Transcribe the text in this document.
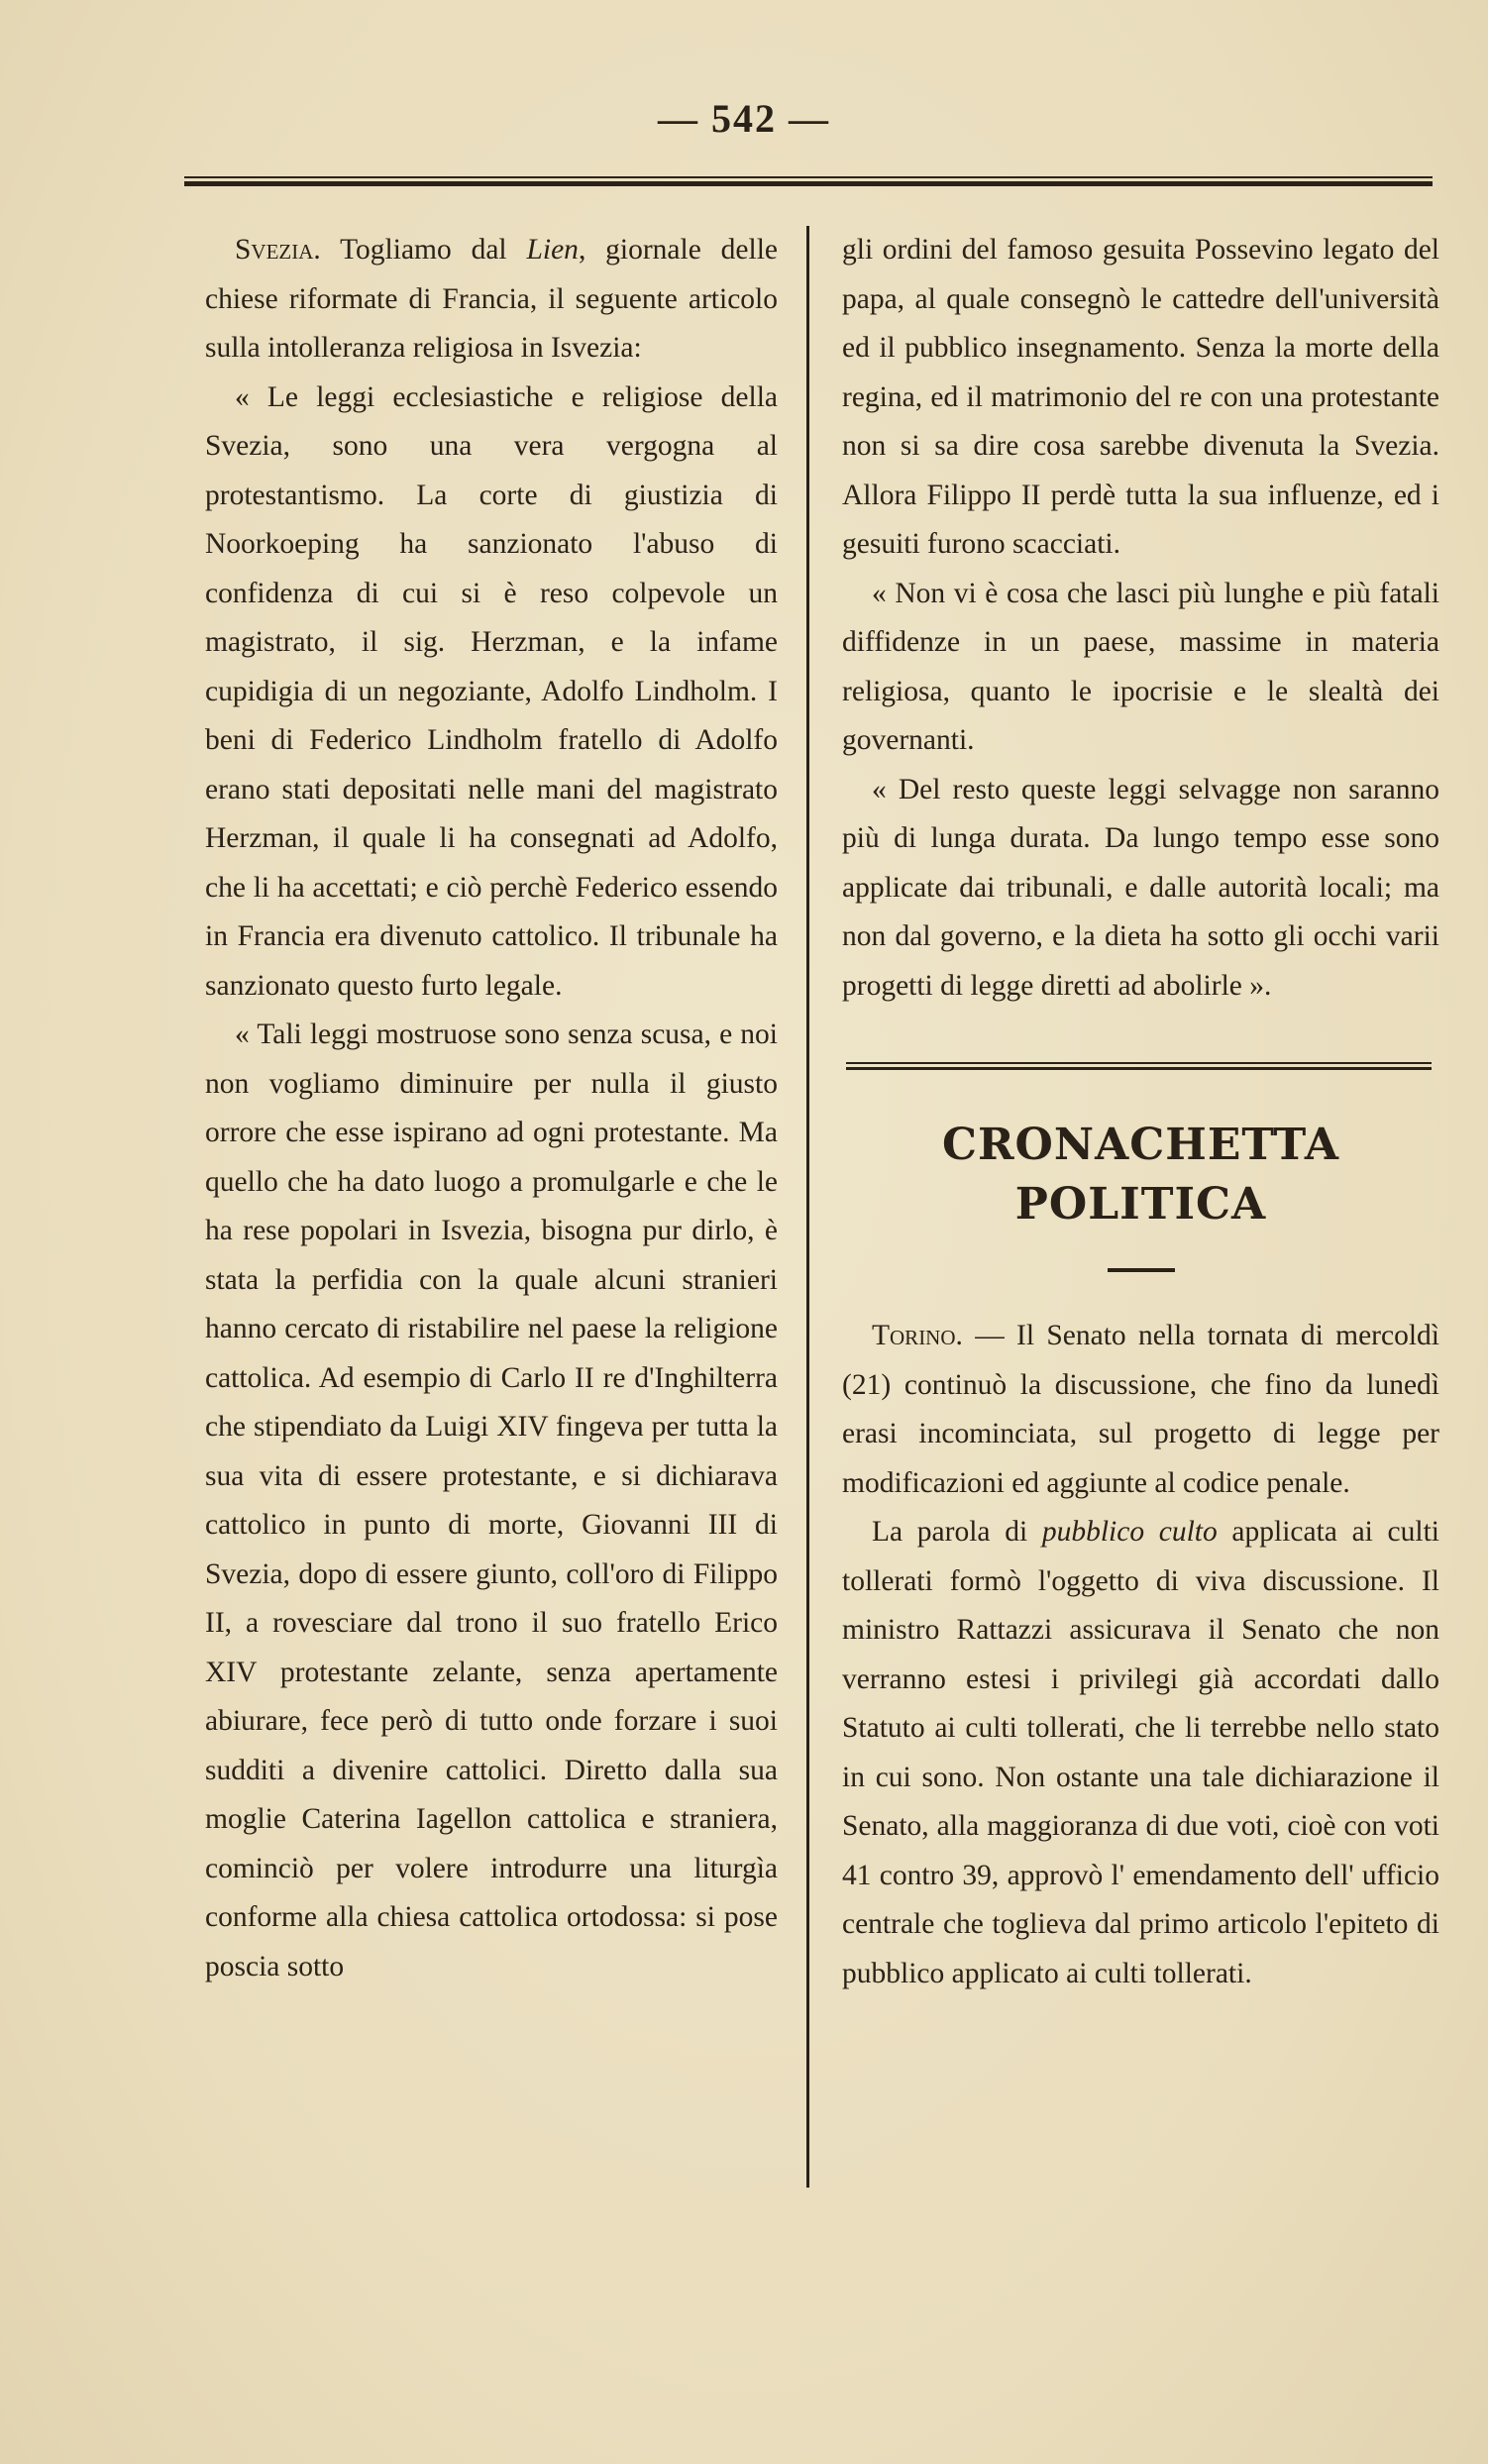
— 542 —

Svezia. Togliamo dal Lien, giornale delle chiese riformate di Francia, il seguente articolo sulla intolleranza religiosa in Isvezia:

« Le leggi ecclesiastiche e religiose della Svezia, sono una vera vergogna al protestantismo. La corte di giustizia di Noorkoeping ha sanzionato l'abuso di confidenza di cui si è reso colpevole un magistrato, il sig. Herzman, e la infame cupidigia di un negoziante, Adolfo Lindholm. I beni di Federico Lindholm fratello di Adolfo erano stati depositati nelle mani del magistrato Herzman, il quale li ha consegnati ad Adolfo, che li ha accettati; e ciò perchè Federico essendo in Francia era divenuto cattolico. Il tribunale ha sanzionato questo furto legale.

« Tali leggi mostruose sono senza scusa, e noi non vogliamo diminuire per nulla il giusto orrore che esse ispirano ad ogni protestante. Ma quello che ha dato luogo a promulgarle e che le ha rese popolari in Isvezia, bisogna pur dirlo, è stata la perfidia con la quale alcuni stranieri hanno cercato di ristabilire nel paese la religione cattolica. Ad esempio di Carlo II re d'Inghilterra che stipendiato da Luigi XIV fingeva per tutta la sua vita di essere protestante, e si dichiarava cattolico in punto di morte, Giovanni III di Svezia, dopo di essere giunto, coll'oro di Filippo II, a rovesciare dal trono il suo fratello Erico XIV protestante zelante, senza apertamente abiurare, fece però di tutto onde forzare i suoi sudditi a divenire cattolici. Diretto dalla sua moglie Caterina Iagellon cattolica e straniera, cominciò per volere introdurre una liturgìa conforme alla chiesa cattolica ortodossa: si pose poscia sotto

gli ordini del famoso gesuita Possevino legato del papa, al quale consegnò le cattedre dell'università ed il pubblico insegnamento. Senza la morte della regina, ed il matrimonio del re con una protestante non si sa dire cosa sarebbe divenuta la Svezia. Allora Filippo II perdè tutta la sua influenze, ed i gesuiti furono scacciati.

« Non vi è cosa che lasci più lunghe e più fatali diffidenze in un paese, massime in materia religiosa, quanto le ipocrisie e le slealtà dei governanti.

« Del resto queste leggi selvagge non saranno più di lunga durata. Da lungo tempo esse sono applicate dai tribunali, e dalle autorità locali; ma non dal governo, e la dieta ha sotto gli occhi varii progetti di legge diretti ad abolirle ».

CRONACHETTA POLITICA

Torino. — Il Senato nella tornata di mercoldì (21) continuò la discussione, che fino da lunedì erasi incominciata, sul progetto di legge per modificazioni ed aggiunte al codice penale.

La parola di pubblico culto applicata ai culti tollerati formò l'oggetto di viva discussione. Il ministro Rattazzi assicurava il Senato che non verranno estesi i privilegi già accordati dallo Statuto ai culti tollerati, che li terrebbe nello stato in cui sono. Non ostante una tale dichiarazione il Senato, alla maggioranza di due voti, cioè con voti 41 contro 39, approvò l' emendamento dell' ufficio centrale che toglieva dal primo articolo l'epiteto di pubblico applicato ai culti tollerati.
